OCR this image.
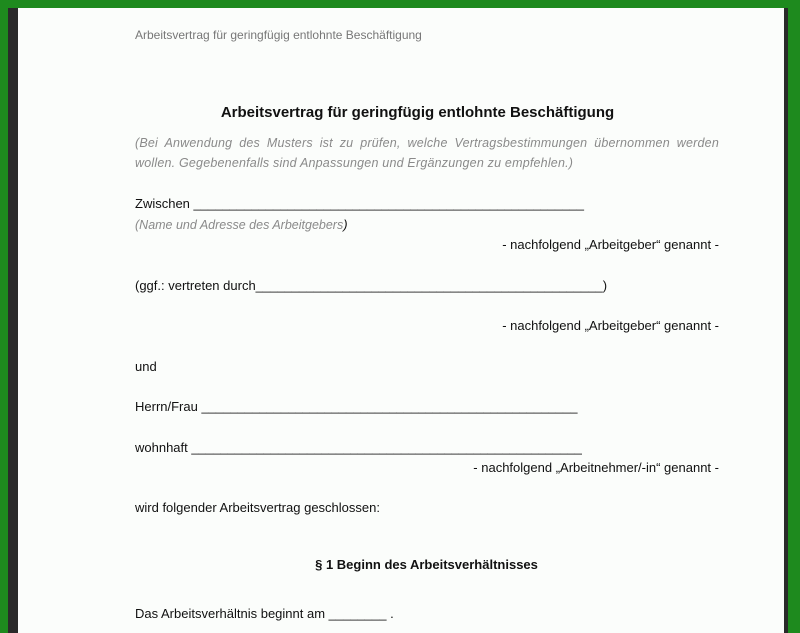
Arbeitsvertrag für geringfügig entlohnte Beschäftigung
Arbeitsvertrag für geringfügig entlohnte Beschäftigung
(Bei Anwendung des Musters ist zu prüfen, welche Vertragsbestimmungen übernommen werden wollen. Gegebenenfalls sind Anpassungen und Ergänzungen zu empfehlen.)
Zwischen ______________________________________________________
(Name und Adresse des Arbeitgebers)
- nachfolgend „Arbeitgeber“ genannt -
(ggf.: vertreten durch________________________________________________)
- nachfolgend „Arbeitgeber“ genannt -
und
Herrn/Frau ____________________________________________________
wohnhaft ______________________________________________________
- nachfolgend „Arbeitnehmer/-in“ genannt -
wird folgender Arbeitsvertrag geschlossen:
§ 1 Beginn des Arbeitsverhältnisses
Das Arbeitsverhältnis beginnt am ________ .
